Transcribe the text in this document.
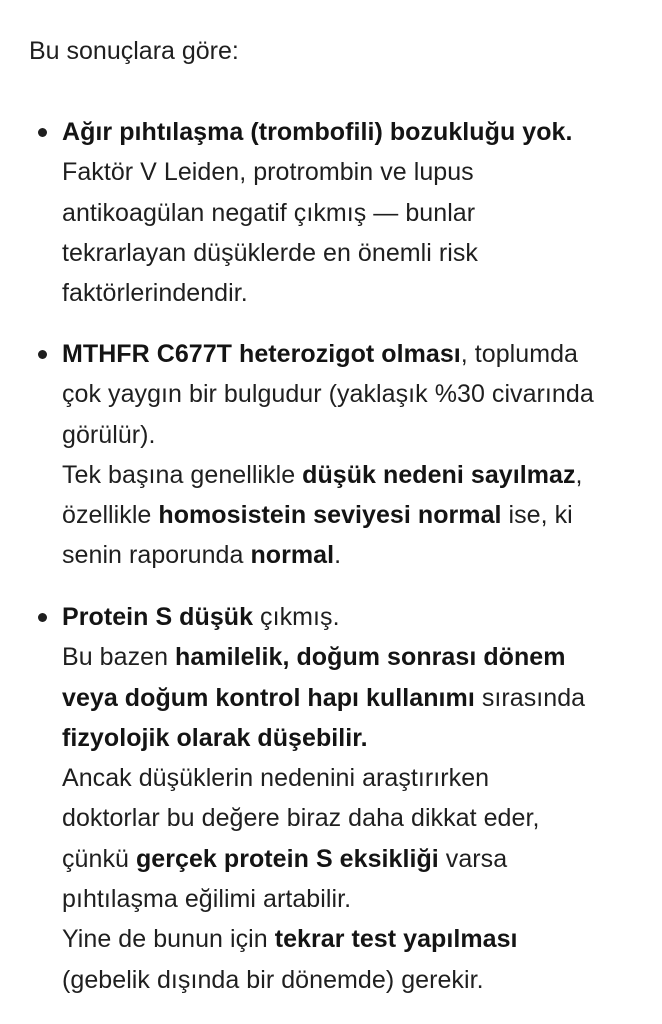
Bu sonuçlara göre:

Ağır pıhtılaşma (trombofili) bozukluğu yok.
Faktör V Leiden, protrombin ve lupus
antikoagülan negatif çıkmış — bunlar
tekrarlayan düşüklerde en önemli risk
faktörlerindendir.
MTHFR C677T heterozigot olması, toplumda
çok yaygın bir bulgudur (yaklaşık %30 civarında
görülür).
Tek başına genellikle düşük nedeni sayılmaz,
özellikle homosistein seviyesi normal ise, ki
senin raporunda normal.
Protein S düşük çıkmış.
Bu bazen hamilelik, doğum sonrası dönem
veya doğum kontrol hapı kullanımı sırasında
fizyolojik olarak düşebilir.
Ancak düşüklerin nedenini araştırırken
doktorlar bu değere biraz daha dikkat eder,
çünkü gerçek protein S eksikliği varsa
pıhtılaşma eğilimi artabilir.
Yine de bunun için tekrar test yapılması
(gebelik dışında bir dönemde) gerekir.
